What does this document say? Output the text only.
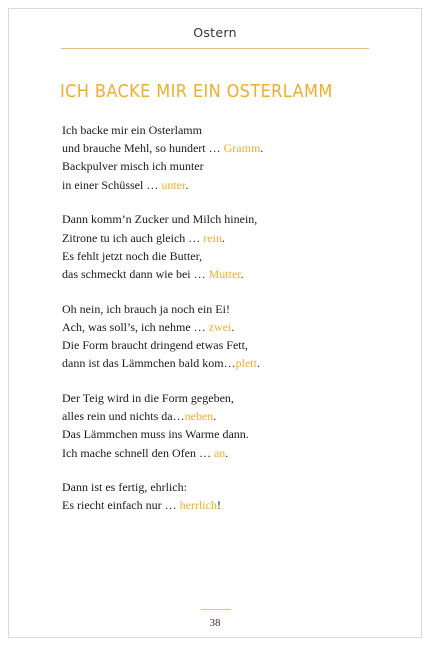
Ostern
ICH BACKE MIR EIN OSTERLAMM
Ich backe mir ein Osterlamm
und brauche Mehl, so hundert … Gramm.
Backpulver misch ich munter
in einer Schüssel … unter.
Dann komm’n Zucker und Milch hinein,
Zitrone tu ich auch gleich … rein.
Es fehlt jetzt noch die Butter,
das schmeckt dann wie bei … Mutter.
Oh nein, ich brauch ja noch ein Ei!
Ach, was soll’s, ich nehme … zwei.
Die Form braucht dringend etwas Fett,
dann ist das Lämmchen bald kom…plett.
Der Teig wird in die Form gegeben,
alles rein und nichts da…neben.
Das Lämmchen muss ins Warme dann.
Ich mache schnell den Ofen … an.
Dann ist es fertig, ehrlich:
Es riecht einfach nur … herrlich!
38
